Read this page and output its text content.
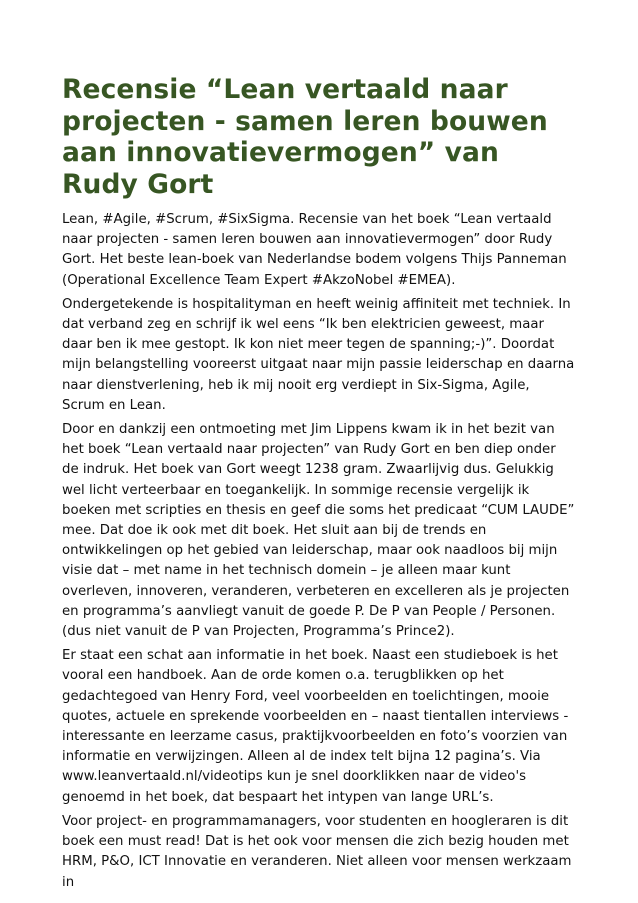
Recensie “Lean vertaald naar projecten - samen leren bouwen aan innovatievermogen” van Rudy Gort

Lean, #Agile, #Scrum, #SixSigma. Recensie van het boek “Lean vertaald naar projecten - samen leren bouwen aan innovatievermogen” door Rudy Gort. Het beste lean-boek van Nederlandse bodem volgens Thijs Panneman (Operational Excellence Team Expert #AkzoNobel #EMEA).

Ondergetekende is hospitalityman en heeft weinig affiniteit met techniek. In dat verband zeg en schrijf ik wel eens “Ik ben elektricien geweest, maar daar ben ik mee gestopt. Ik kon niet meer tegen de spanning;-)”. Doordat mijn belangstelling vooreerst uitgaat naar mijn passie leiderschap en daarna naar dienstverlening, heb ik mij nooit erg verdiept in Six-Sigma, Agile, Scrum en Lean.

Door en dankzij een ontmoeting met Jim Lippens kwam ik in het bezit van het boek “Lean vertaald naar projecten” van Rudy Gort en ben diep onder de indruk. Het boek van Gort weegt 1238 gram. Zwaarlijvig dus. Gelukkig wel licht verteerbaar en toegankelijk. In sommige recensie vergelijk ik boeken met scripties en thesis en geef die soms het predicaat “CUM LAUDE” mee. Dat doe ik ook met dit boek. Het sluit aan bij de trends en ontwikkelingen op het gebied van leiderschap, maar ook naadloos bij mijn visie dat – met name in het technisch domein – je alleen maar kunt overleven, innoveren, veranderen, verbeteren en excelleren als je projecten en programma’s aanvliegt vanuit de goede P. De P van People / Personen. (dus niet vanuit de P van Projecten, Programma’s Prince2).

Er staat een schat aan informatie in het boek. Naast een studieboek is het vooral een handboek. Aan de orde komen o.a. terugblikken op het gedachtegoed van Henry Ford, veel voorbeelden en toelichtingen, mooie quotes, actuele en sprekende voorbeelden en – naast tientallen interviews - interessante en leerzame casus, praktijkvoorbeelden en foto’s voorzien van informatie en verwijzingen. Alleen al de index telt bijna 12 pagina’s. Via www.leanvertaald.nl/videotips kun je snel doorklikken naar de video's genoemd in het boek, dat bespaart het intypen van lange URL’s.

Voor project- en programmamanagers, voor studenten en hoogleraren is dit boek een must read! Dat is het ook voor mensen die zich bezig houden met HRM, P&O, ICT Innovatie en veranderen. Niet alleen voor mensen werkzaam in
